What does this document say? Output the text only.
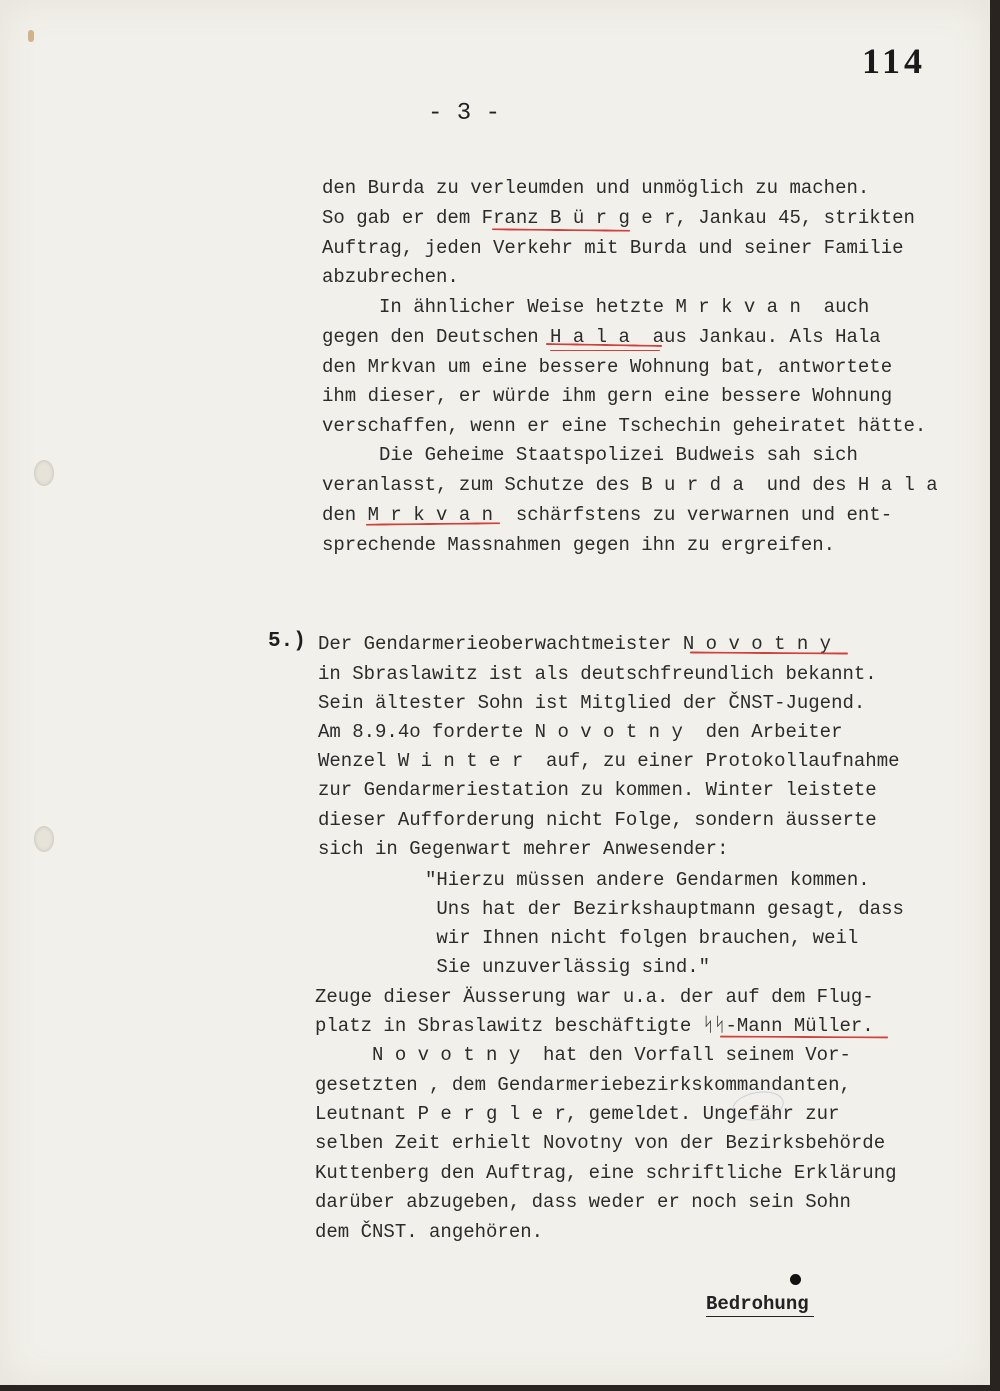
114
- 3 -
den Burda zu verleumden und unmöglich zu machen.
So gab er dem Franz B ü r g e r, Jankau 45, strikten
Auftrag, jeden Verkehr mit Burda und seiner Familie
abzubrechen.
In ähnlicher Weise hetzte M r k v a n  auch
gegen den Deutschen H a l a  aus Jankau. Als Hala
den Mrkvan um eine bessere Wohnung bat, antwortete
ihm dieser, er würde ihm gern eine bessere Wohnung
verschaffen, wenn er eine Tschechin geheiratet hätte.
Die Geheime Staatspolizei Budweis sah sich
veranlasst, zum Schutze des B u r d a  und des H a l a
den M r k v a n  schärfstens zu verwarnen und ent-
sprechende Massnahmen gegen ihn zu ergreifen.
5.) Der Gendarmerieoberwachtmeister N o v o t n y
in Sbraslawitz ist als deutschfreundlich bekannt.
Sein ältester Sohn ist Mitglied der ČNST-Jugend.
Am 8.9.4o forderte N o v o t n y  den Arbeiter
Wenzel W i n t e r  auf, zu einer Protokollaufnahme
zur Gendarmeriestation zu kommen. Winter leistete
dieser Aufforderung nicht Folge, sondern äusserte
sich in Gegenwart mehrer Anwesender:
"Hierzu müssen andere Gendarmen kommen.
Uns hat der Bezirkshauptmann gesagt, dass
wir Ihnen nicht folgen brauchen, weil
Sie unzuverlässig sind."
Zeuge dieser Äusserung war u.a. der auf dem Flug-
platz in Sbraslawitz beschäftigte ᛋᛋ-Mann Müller.
N o v o t n y  hat den Vorfall seinem Vor-
gesetzten , dem Gendarmeriebezirkskommandanten,
Leutnant P e r g l e r, gemeldet. Ungefähr zur
selben Zeit erhielt Novotny von der Bezirksbehörde
Kuttenberg den Auftrag, eine schriftliche Erklärung
darüber abzugeben, dass weder er noch sein Sohn
dem ČNST. angehören.
Bedrohung
